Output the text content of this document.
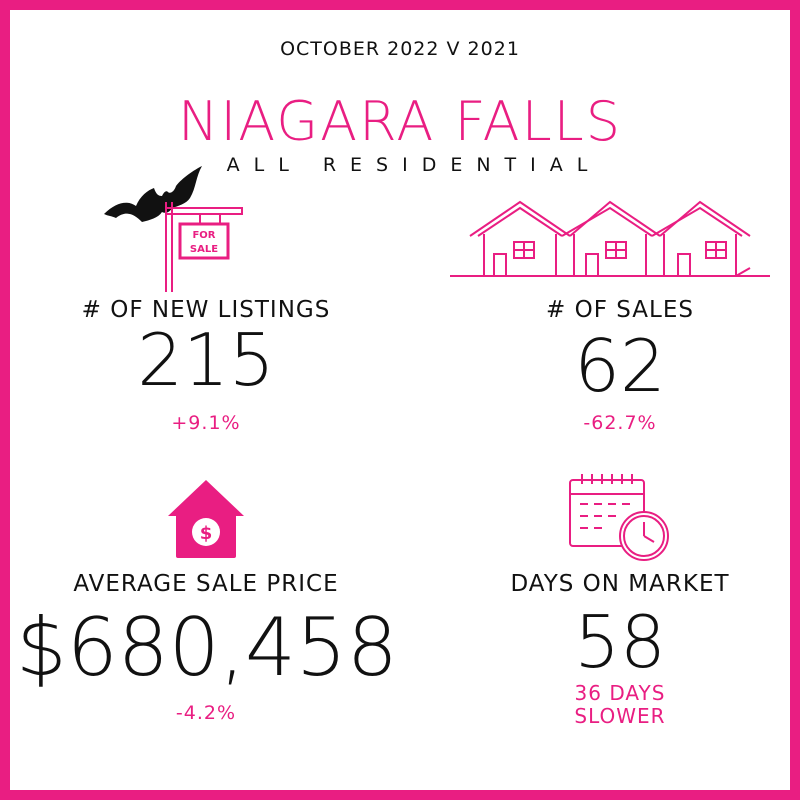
OCTOBER 2022 V 2021
NIAGARA FALLS
ALL RESIDENTIAL
FOR
SALE
# OF NEW LISTINGS
215
+9.1%
# OF SALES
62
-62.7%
$
AVERAGE SALE PRICE
$680,458
-4.2%
DAYS ON MARKET
58
36 DAYS
SLOWER
